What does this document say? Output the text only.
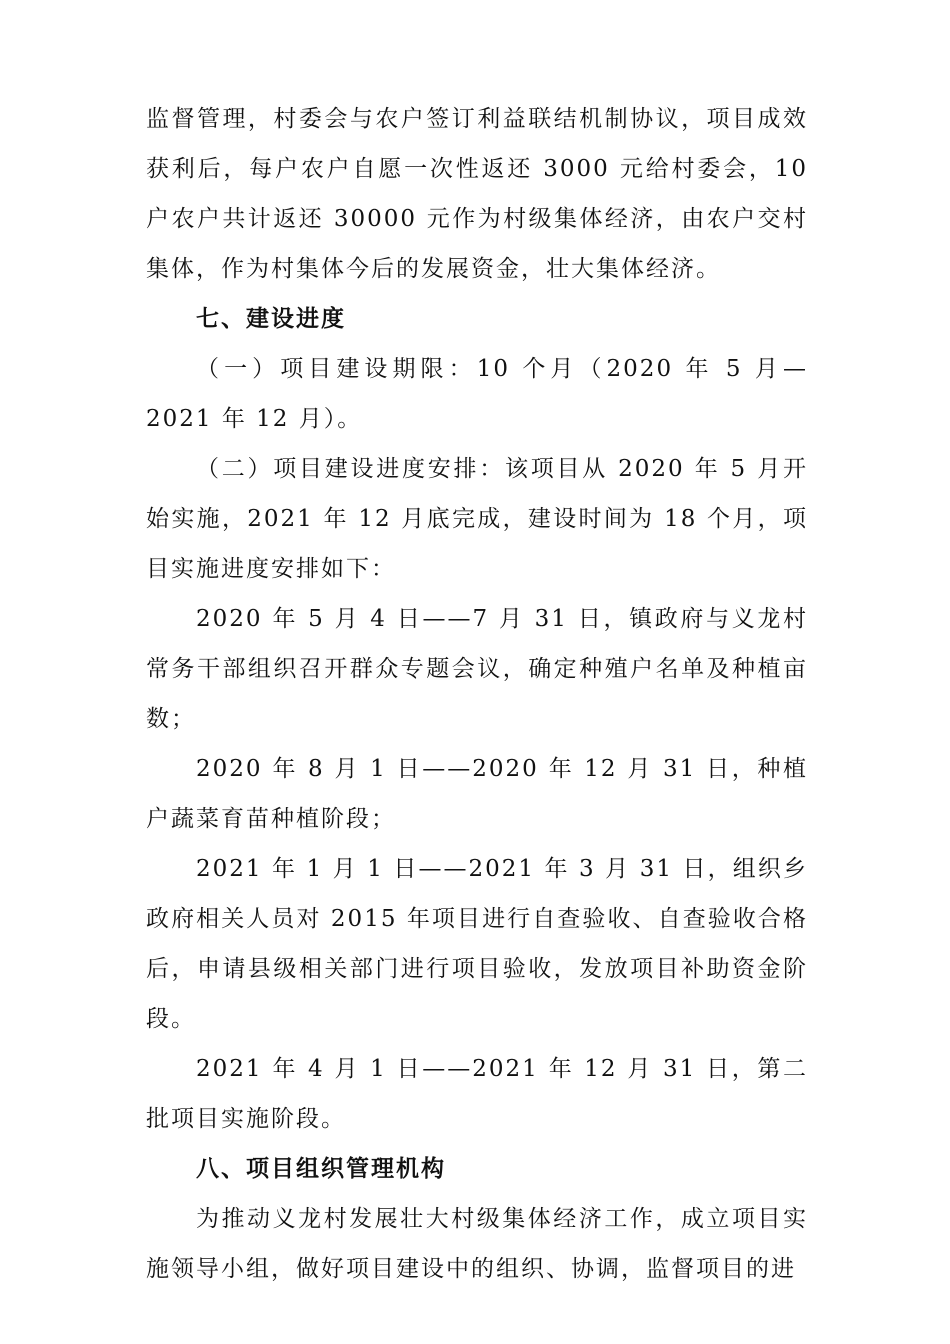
监督管理，村委会与农户签订利益联结机制协议，项目成效获利后，每户农户自愿一次性返还 3000 元给村委会，10 户农户共计返还 30000 元作为村级集体经济，由农户交村集体，作为村集体今后的发展资金，壮大集体经济。

七、建设进度

（一）项目建设期限：10 个月（2020 年 5 月—2021 年 12 月）。

（二）项目建设进度安排：该项目从 2020 年 5 月开始实施，2021 年 12 月底完成，建设时间为 18 个月，项目实施进度安排如下：

2020 年 5 月 4 日——7 月 31 日，镇政府与义龙村常务干部组织召开群众专题会议，确定种殖户名单及种植亩数；

2020 年 8 月 1 日——2020 年 12 月 31 日，种植户蔬菜育苗种植阶段；

2021 年 1 月 1 日——2021 年 3 月 31 日，组织乡政府相关人员对 2015 年项目进行自查验收、自查验收合格后，申请县级相关部门进行项目验收，发放项目补助资金阶段。

2021 年 4 月 1 日——2021 年 12 月 31 日，第二批项目实施阶段。

八、项目组织管理机构

为推动义龙村发展壮大村级集体经济工作，成立项目实施领导小组，做好项目建设中的组织、协调，监督项目的进
